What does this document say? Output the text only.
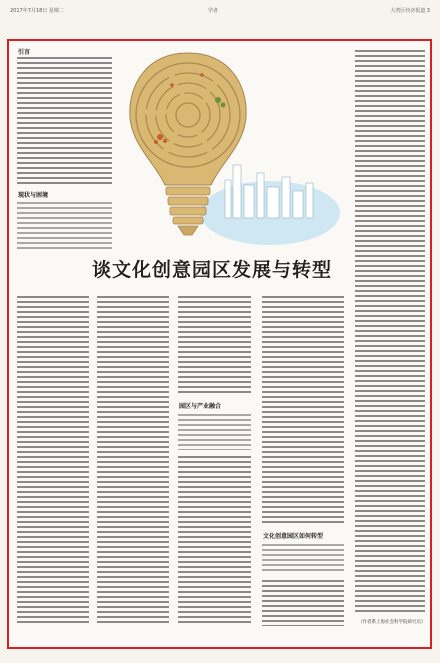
2017年7月18日 星期二	学者	大湾区经济报道 3
引言
现状与困境
园区与产业融合
文化创意园区如何转型
谈文化创意园区发展与转型
（作者系上海社会科学院研究员）
